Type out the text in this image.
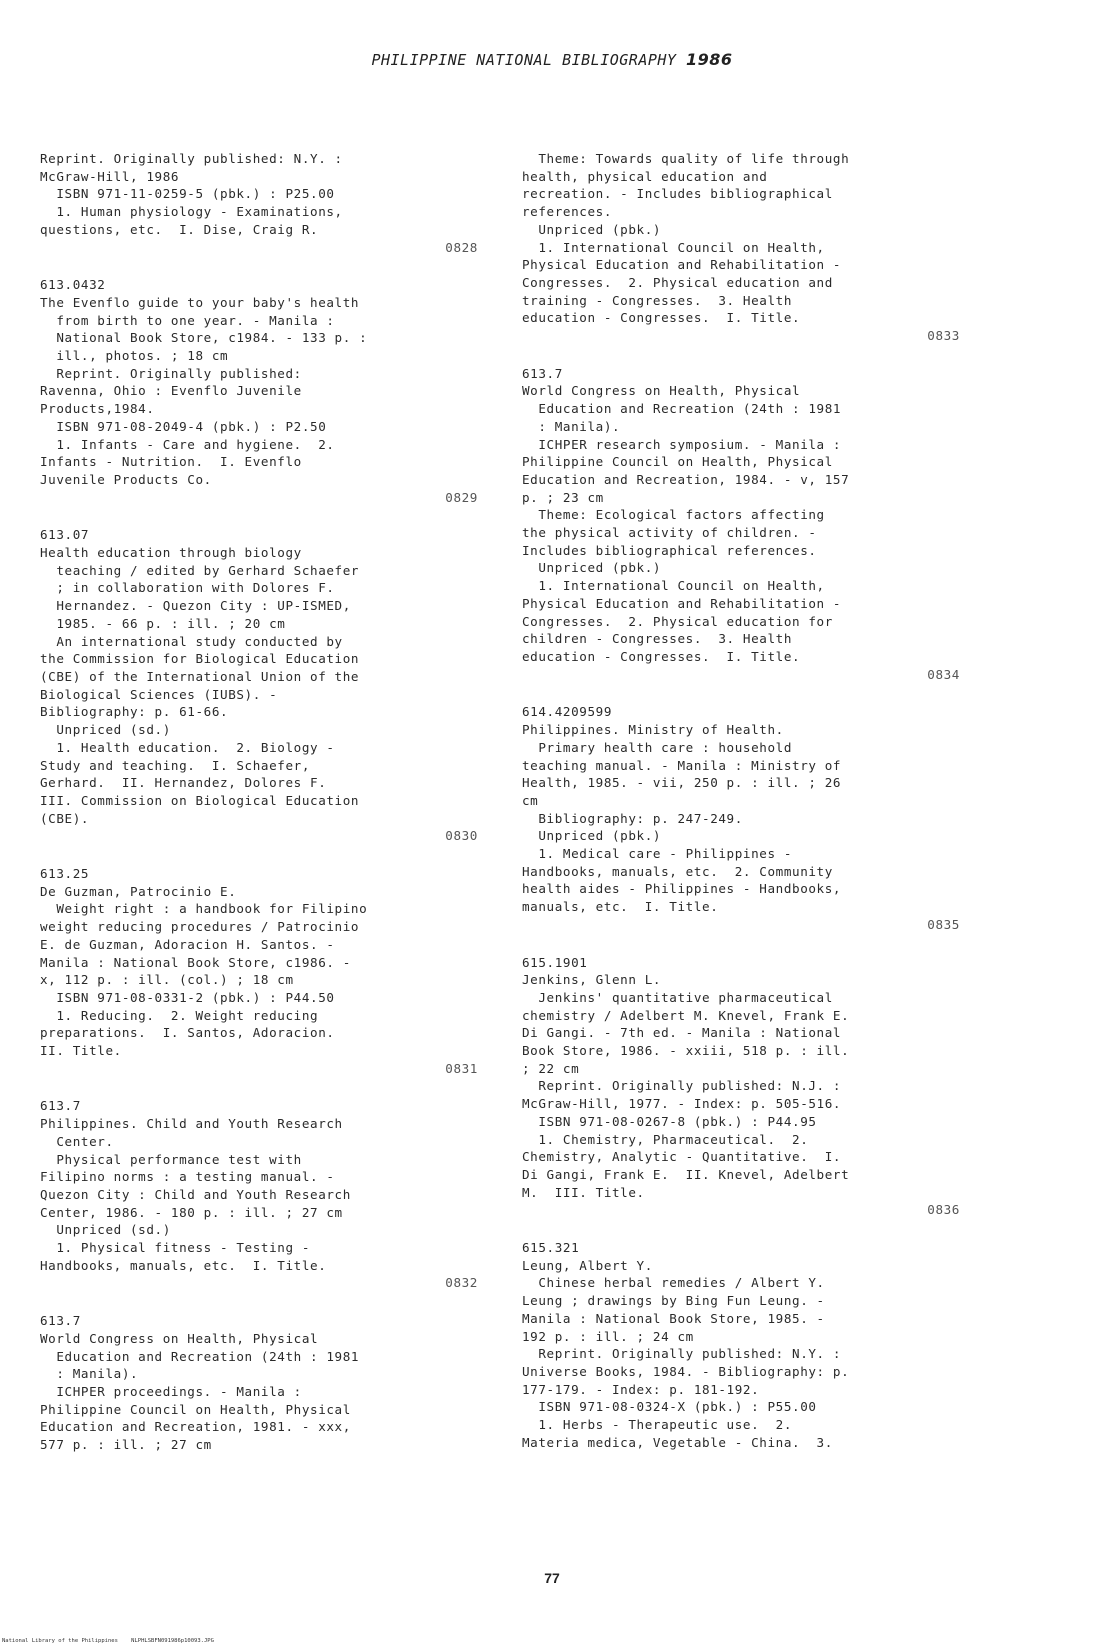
PHILIPPINE NATIONAL BIBLIOGRAPHY 1986
Reprint. Originally published: N.Y. :
McGraw-Hill, 1986
ISBN 971-11-0259-5 (pbk.) : P25.00
1. Human physiology - Examinations,
questions, etc.  I. Dise, Craig R.
0828
613.0432
The Evenflo guide to your baby's health
from birth to one year. - Manila :
National Book Store, c1984. - 133 p. :
ill., photos. ; 18 cm
Reprint. Originally published:
Ravenna, Ohio : Evenflo Juvenile
Products,1984.
ISBN 971-08-2049-4 (pbk.) : P2.50
1. Infants - Care and hygiene.  2.
Infants - Nutrition.  I. Evenflo
Juvenile Products Co.
0829
613.07
Health education through biology
teaching / edited by Gerhard Schaefer
; in collaboration with Dolores F.
Hernandez. - Quezon City : UP-ISMED,
1985. - 66 p. : ill. ; 20 cm
An international study conducted by
the Commission for Biological Education
(CBE) of the International Union of the
Biological Sciences (IUBS). -
Bibliography: p. 61-66.
Unpriced (sd.)
1. Health education.  2. Biology -
Study and teaching.  I. Schaefer,
Gerhard.  II. Hernandez, Dolores F.
III. Commission on Biological Education
(CBE).
0830
613.25
De Guzman, Patrocinio E.
Weight right : a handbook for Filipino
weight reducing procedures / Patrocinio
E. de Guzman, Adoracion H. Santos. -
Manila : National Book Store, c1986. -
x, 112 p. : ill. (col.) ; 18 cm
ISBN 971-08-0331-2 (pbk.) : P44.50
1. Reducing.  2. Weight reducing
preparations.  I. Santos, Adoracion.
II. Title.
0831
613.7
Philippines. Child and Youth Research
Center.
Physical performance test with
Filipino norms : a testing manual. -
Quezon City : Child and Youth Research
Center, 1986. - 180 p. : ill. ; 27 cm
Unpriced (sd.)
1. Physical fitness - Testing -
Handbooks, manuals, etc.  I. Title.
0832
613.7
World Congress on Health, Physical
Education and Recreation (24th : 1981
: Manila).
ICHPER proceedings. - Manila :
Philippine Council on Health, Physical
Education and Recreation, 1981. - xxx,
577 p. : ill. ; 27 cm
Theme: Towards quality of life through
health, physical education and
recreation. - Includes bibliographical
references.
Unpriced (pbk.)
1. International Council on Health,
Physical Education and Rehabilitation -
Congresses.  2. Physical education and
training - Congresses.  3. Health
education - Congresses.  I. Title.
0833
613.7
World Congress on Health, Physical
Education and Recreation (24th : 1981
: Manila).
ICHPER research symposium. - Manila :
Philippine Council on Health, Physical
Education and Recreation, 1984. - v, 157
p. ; 23 cm
Theme: Ecological factors affecting
the physical activity of children. -
Includes bibliographical references.
Unpriced (pbk.)
1. International Council on Health,
Physical Education and Rehabilitation -
Congresses.  2. Physical education for
children - Congresses.  3. Health
education - Congresses.  I. Title.
0834
614.4209599
Philippines. Ministry of Health.
Primary health care : household
teaching manual. - Manila : Ministry of
Health, 1985. - vii, 250 p. : ill. ; 26
cm
Bibliography: p. 247-249.
Unpriced (pbk.)
1. Medical care - Philippines -
Handbooks, manuals, etc.  2. Community
health aides - Philippines - Handbooks,
manuals, etc.  I. Title.
0835
615.1901
Jenkins, Glenn L.
Jenkins' quantitative pharmaceutical
chemistry / Adelbert M. Knevel, Frank E.
Di Gangi. - 7th ed. - Manila : National
Book Store, 1986. - xxiii, 518 p. : ill.
; 22 cm
Reprint. Originally published: N.J. :
McGraw-Hill, 1977. - Index: p. 505-516.
ISBN 971-08-0267-8 (pbk.) : P44.95
1. Chemistry, Pharmaceutical.  2.
Chemistry, Analytic - Quantitative.  I.
Di Gangi, Frank E.  II. Knevel, Adelbert
M.  III. Title.
0836
615.321
Leung, Albert Y.
Chinese herbal remedies / Albert Y.
Leung ; drawings by Bing Fun Leung. -
Manila : National Book Store, 1985. -
192 p. : ill. ; 24 cm
Reprint. Originally published: N.Y. :
Universe Books, 1984. - Bibliography: p.
177-179. - Index: p. 181-192.
ISBN 971-08-0324-X (pbk.) : P55.00
1. Herbs - Therapeutic use.  2.
Materia medica, Vegetable - China.  3.
77
National Library of the Philippines    NLPHLSBFN091986p10093.JPG
